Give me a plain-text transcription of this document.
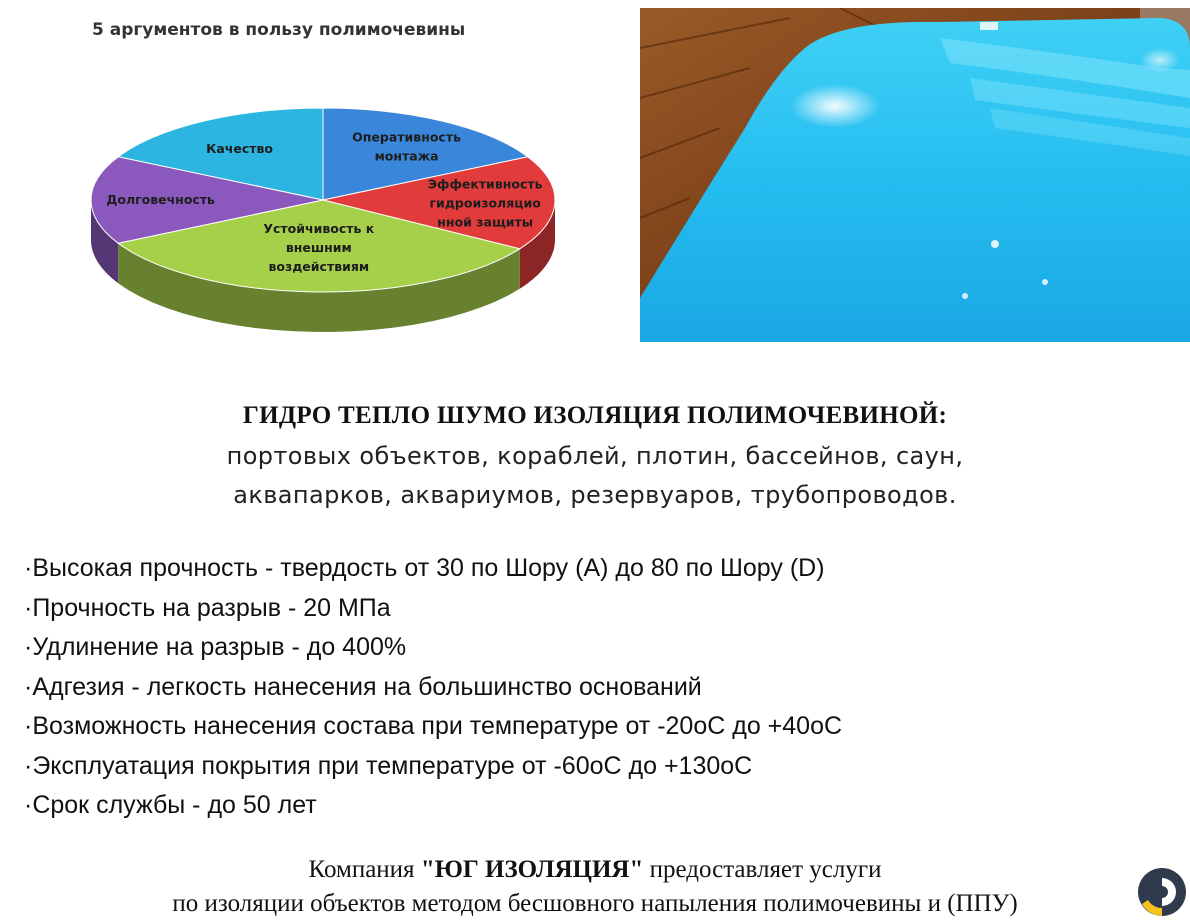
5 аргументов в пользу полимочевины
Качество
Оперативность монтажа
Эффективность гидроизоляцио нной защиты
Устойчивость к внешним воздействиям
Долговечность
ГИДРО ТЕПЛО ШУМО ИЗОЛЯЦИЯ ПОЛИМОЧЕВИНОЙ:
портовых объектов, кораблей, плотин, бассейнов, саун,
аквапарков, аквариумов, резервуаров, трубопроводов.
·Высокая прочность - твердость от 30 по Шору (A) до 80 по Шору (D)
·Прочность на разрыв - 20 МПа
·Удлинение на разрыв - до 400%
·Адгезия - легкость нанесения на большинство оснований
·Возможность нанесения состава при температуре от -20оС до +40оС
·Эксплуатация покрытия при температуре от -60оС до +130оС
·Срок службы - до 50 лет
Компания "ЮГ ИЗОЛЯЦИЯ" предоставляет услуги
по изоляции объектов методом бесшовного напыления полимочевины и (ППУ)
